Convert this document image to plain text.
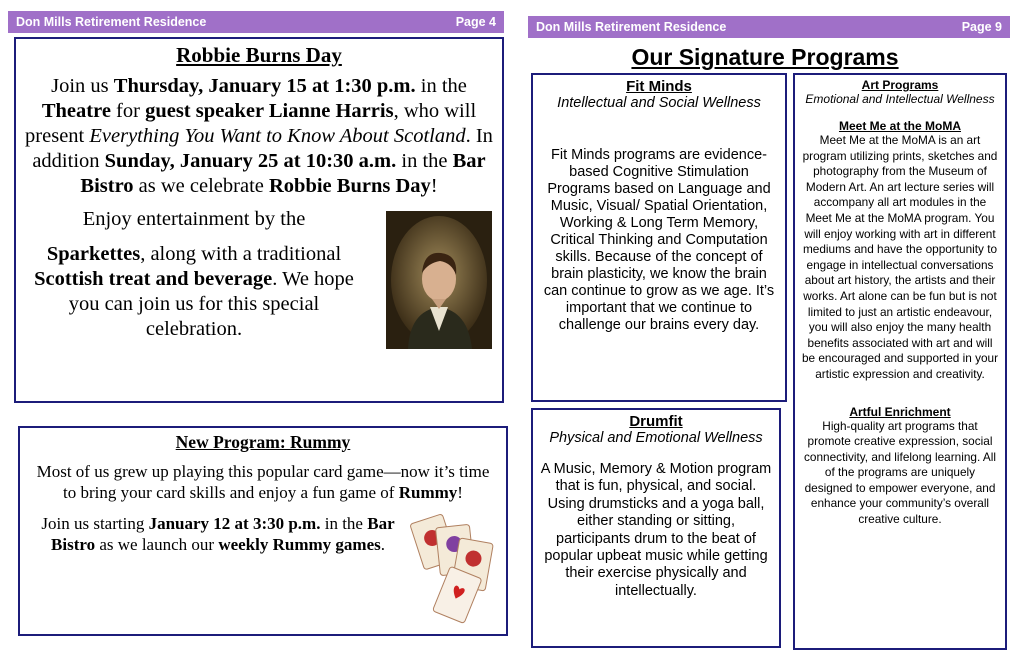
Don Mills Retirement Residence	Page 4	Don Mills Retirement Residence	Page 9
Robbie Burns Day

Join us Thursday, January 15 at 1:30 p.m. in the Theatre for guest speaker Lianne Harris, who will present Everything You Want to Know About Scotland. In addition Sunday, January 25 at 10:30 a.m. in the Bar Bistro as we celebrate Robbie Burns Day!

Enjoy entertainment by the

Sparkettes, along with a traditional Scottish treat and beverage. We hope you can join us for this special celebration.

New Program: Rummy

Most of us grew up playing this popular card game—now it’s time to bring your card skills and enjoy a fun game of Rummy!

Join us starting January 12 at 3:30 p.m. in the Bar Bistro as we launch our weekly Rummy games.

Our Signature Programs

Fit Minds

Intellectual and Social Wellness

Fit Minds programs are evidence-based Cognitive Stimulation Programs based on Language and Music, Visual/ Spatial Orientation, Working & Long Term Memory, Critical Thinking and Computation skills. Because of the concept of brain plasticity, we know the brain can continue to grow as we age. It’s important that we continue to challenge our brains every day.

Drumfit

Physical and Emotional Wellness

A Music, Memory & Motion program that is fun, physical, and social. Using drumsticks and a yoga ball, either standing or sitting, participants drum to the beat of popular upbeat music while getting their exercise physically and intellectually.

Art Programs

Emotional and Intellectual Wellness

Meet Me at the MoMA

Meet Me at the MoMA is an art program utilizing prints, sketches and photography from the Museum of Modern Art. An art lecture series will accompany all art modules in the Meet Me at the MoMA program. You will enjoy working with art in different mediums and have the opportunity to engage in intellectual conversations about art history, the artists and their works. Art alone can be fun but is not limited to just an artistic endeavour, you will also enjoy the many health benefits associated with art and will be encouraged and supported in your artistic expression and creativity.

Artful Enrichment

High-quality art programs that promote creative expression, social connectivity, and lifelong learning. All of the programs are uniquely designed to empower everyone, and enhance your community’s overall creative culture.
